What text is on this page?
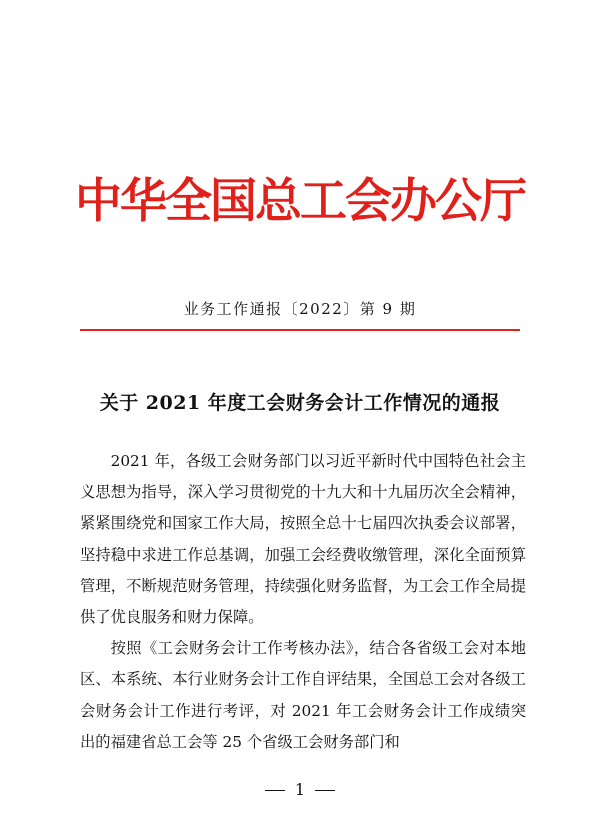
中华全国总工会办公厅
业务工作通报〔2022〕第 9 期
关于 2021 年度工会财务会计工作情况的通报

2021 年，各级工会财务部门以习近平新时代中国特色社会主义思想为指导，深入学习贯彻党的十九大和十九届历次全会精神，紧紧围绕党和国家工作大局，按照全总十七届四次执委会议部署，坚持稳中求进工作总基调，加强工会经费收缴管理，深化全面预算管理，不断规范财务管理，持续强化财务监督，为工会工作全局提供了优良服务和财力保障。

按照《工会财务会计工作考核办法》，结合各省级工会对本地区、本系统、本行业财务会计工作自评结果，全国总工会对各级工会财务会计工作进行考评，对 2021 年工会财务会计工作成绩突出的福建省总工会等 25 个省级工会财务部门和

1
